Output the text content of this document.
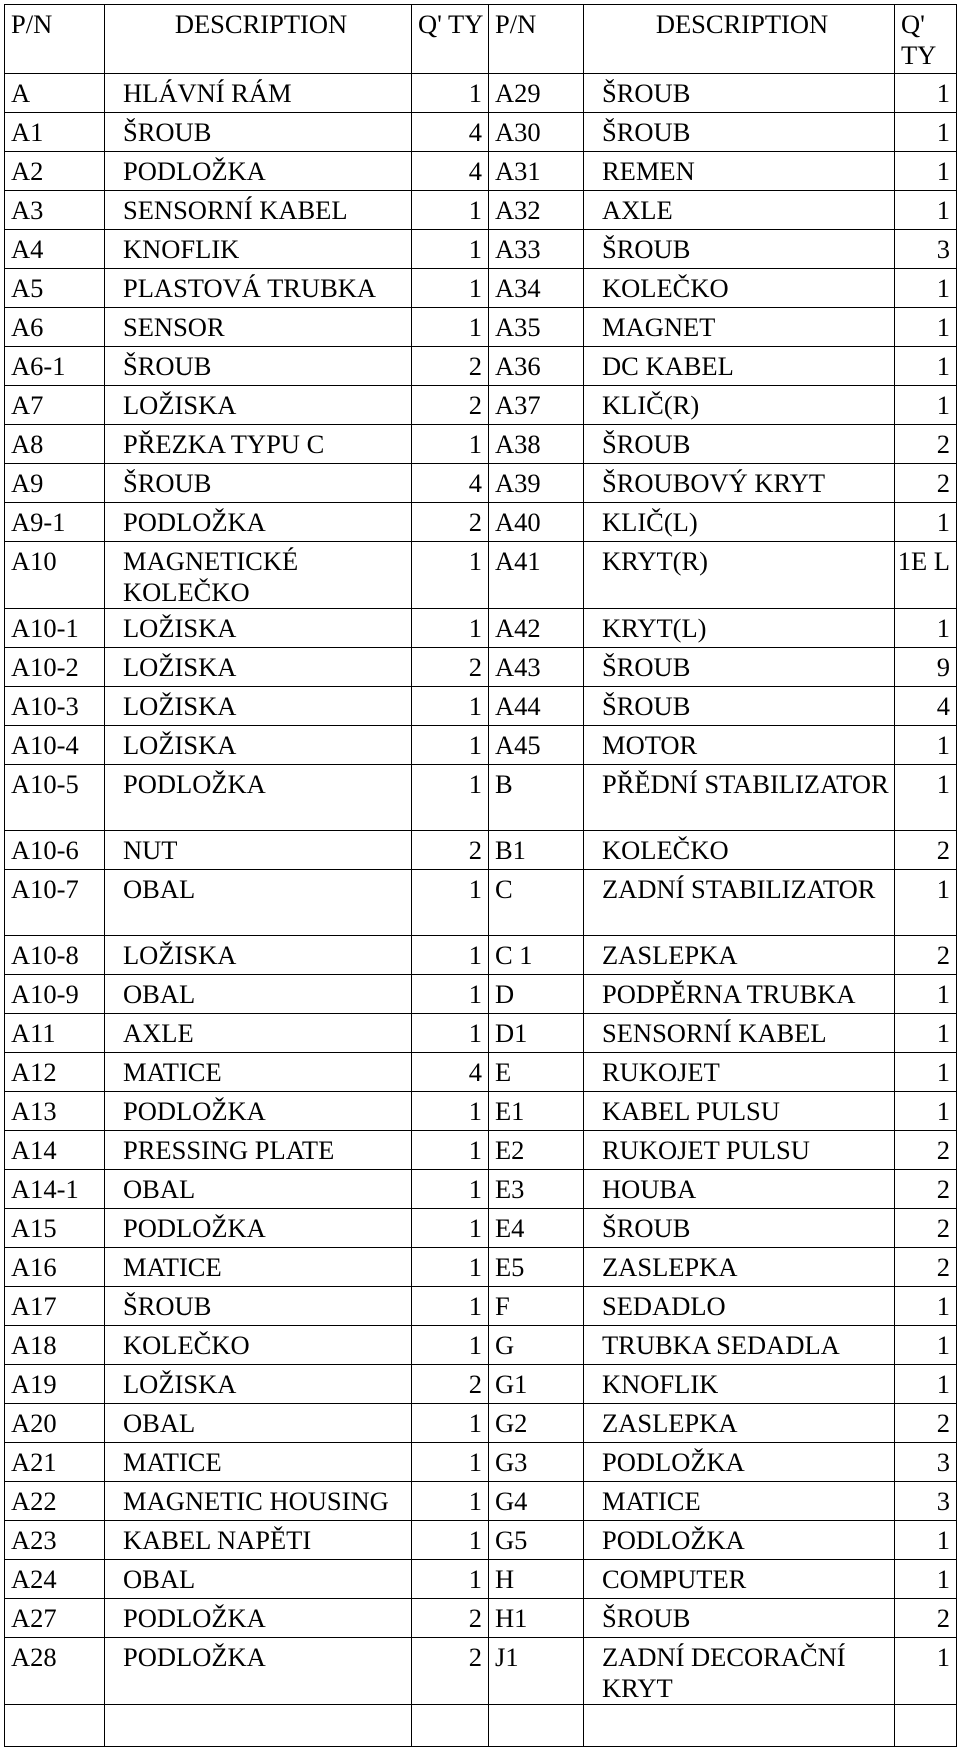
P/N	DESCRIPTION	Q' TY	P/N	DESCRIPTION	Q' TY
A	HLÁVNÍ RÁM	1	A29	ŠROUB	1
A1	ŠROUB	4	A30	ŠROUB	1
A2	PODLOŽKA	4	A31	REMEN	1
A3	SENSORNÍ KABEL	1	A32	AXLE	1
A4	KNOFLIK	1	A33	ŠROUB	3
A5	PLASTOVÁ TRUBKA	1	A34	KOLEČKO	1
A6	SENSOR	1	A35	MAGNET	1
A6-1	ŠROUB	2	A36	DC KABEL	1
A7	LOŽISKA	2	A37	KLIČ(R)	1
A8	PŘEZKA TYPU C	1	A38	ŠROUB	2
A9	ŠROUB	4	A39	ŠROUBOVÝ KRYT	2
A9-1	PODLOŽKA	2	A40	KLIČ(L)	1
A10	MAGNETICKÉ KOLEČKO	1	A41	KRYT(R)	1E L
A10-1	LOŽISKA	1	A42	KRYT(L)	1
A10-2	LOŽISKA	2	A43	ŠROUB	9
A10-3	LOŽISKA	1	A44	ŠROUB	4
A10-4	LOŽISKA	1	A45	MOTOR	1
A10-5	PODLOŽKA	1	B	PŘĚDNÍ STABILIZATOR	1
A10-6	NUT	2	B1	KOLEČKO	2
A10-7	OBAL	1	C	ZADNÍ STABILIZATOR	1
A10-8	LOŽISKA	1	C 1	ZASLEPKA	2
A10-9	OBAL	1	D	PODPĚRNA TRUBKA	1
A11	AXLE	1	D1	SENSORNÍ KABEL	1
A12	MATICE	4	E	RUKOJET	1
A13	PODLOŽKA	1	E1	KABEL PULSU	1
A14	PRESSING PLATE	1	E2	RUKOJET PULSU	2
A14-1	OBAL	1	E3	HOUBA	2
A15	PODLOŽKA	1	E4	ŠROUB	2
A16	MATICE	1	E5	ZASLEPKA	2
A17	ŠROUB	1	F	SEDADLO	1
A18	KOLEČKO	1	G	TRUBKA SEDADLA	1
A19	LOŽISKA	2	G1	KNOFLIK	1
A20	OBAL	1	G2	ZASLEPKA	2
A21	MATICE	1	G3	PODLOŽKA	3
A22	MAGNETIC HOUSING	1	G4	MATICE	3
A23	KABEL NAPĚTI	1	G5	PODLOŽKA	1
A24	OBAL	1	H	COMPUTER	1
A27	PODLOŽKA	2	H1	ŠROUB	2
A28	PODLOŽKA	2	J1	ZADNÍ DECORAČNÍ KRYT	1
